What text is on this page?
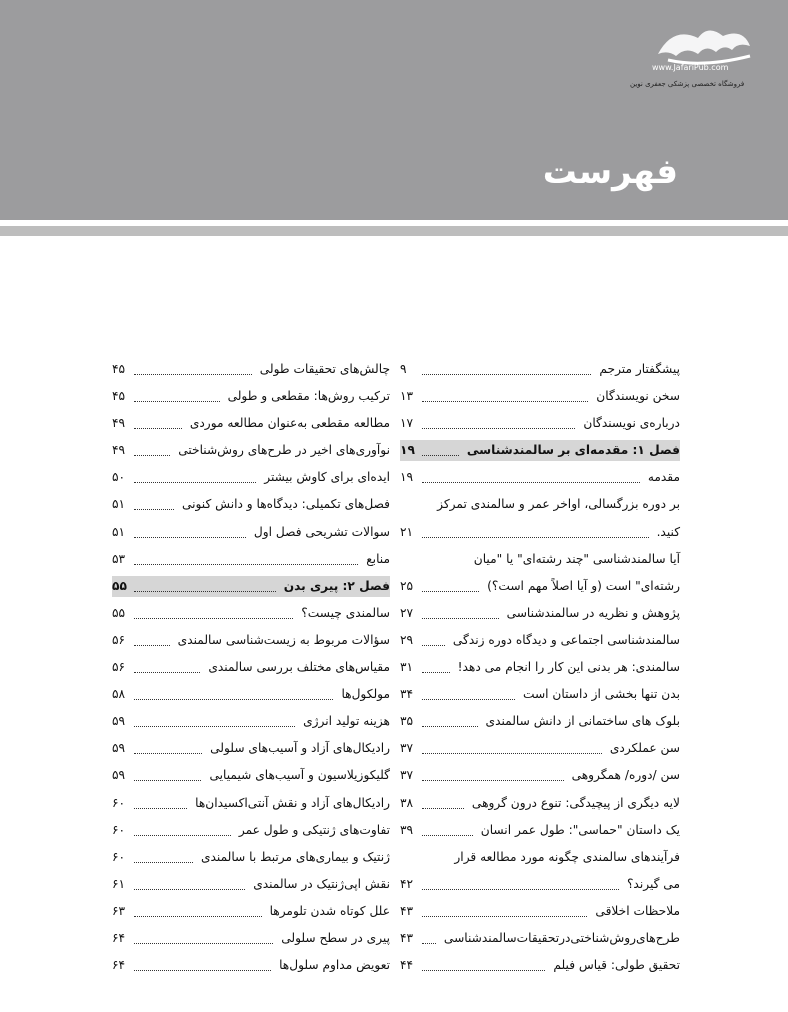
www.JafariPub.com
فروشگاه تخصصی پزشکی جعفری نوین
فهرست
پیشگفتار مترجم
۹
سخن نویسندگان
۱۳
درباره‌ی نویسندگان
۱۷
فصل ۱: مقدمه‌ای بر سالمندشناسی
۱۹
مقدمه
۱۹
بر دوره بزرگسالی، اواخر عمر و سالمندی تمرکز
کنید.
۲۱
آیا سالمندشناسی "چند رشته‌ای" یا "میان
رشته‌ای" است (و آیا اصلاً مهم است؟)
۲۵
پژوهش و نظریه در سالمندشناسی
۲۷
سالمندشناسی اجتماعی و دیدگاه دوره زندگی
۲۹
سالمندی: هر بدنی این کار را انجام می دهد!
۳۱
بدن تنها بخشی از داستان است
۳۴
بلوک های ساختمانی از دانش سالمندی
۳۵
سن عملکردی
۳۷
سن /دوره/ همگروهی
۳۷
لایه دیگری از پیچیدگی: تنوع درون گروهی
۳۸
یک داستان "حماسی": طول عمر انسان
۳۹
فرآیندهای سالمندی چگونه مورد مطالعه قرار
می گیرند؟
۴۲
ملاحظات اخلاقی
۴۳
طرح‌های‌روش‌شناختی‌در‌تحقیقات‌سالمندشناسی
۴۳
تحقیق طولی: قیاس فیلم
۴۴
چالش‌های تحقیقات طولی
۴۵
ترکیب روش‌ها: مقطعی و طولی
۴۵
مطالعه مقطعی به‌عنوان مطالعه موردی
۴۹
نوآوری‌های اخیر در طرح‌های روش‌شناختی
۴۹
ایده‌ای برای کاوش بیشتر
۵۰
فصل‌های تکمیلی: دیدگاه‌ها و دانش کنونی
۵۱
سوالات تشریحی فصل اول
۵۱
منابع
۵۳
فصل ۲: پیری بدن
۵۵
سالمندی چیست؟
۵۵
سؤالات مربوط به زیست‌شناسی سالمندی
۵۶
مقیاس‌های مختلف بررسی سالمندی
۵۶
مولکول‌ها
۵۸
هزینه تولید انرژی
۵۹
رادیکال‌های آزاد و آسیب‌های سلولی
۵۹
گلیکوزیلاسیون و آسیب‌های شیمیایی
۵۹
رادیکال‌های آزاد و نقش آنتی‌اکسیدان‌ها
۶۰
تفاوت‌های ژنتیکی و طول عمر
۶۰
ژنتیک و بیماری‌های مرتبط با سالمندی
۶۰
نقش اپی‌ژنتیک در سالمندی
۶۱
علل کوتاه شدن تلومرها
۶۳
پیری در سطح سلولی
۶۴
تعویض مداوم سلول‌ها
۶۴
